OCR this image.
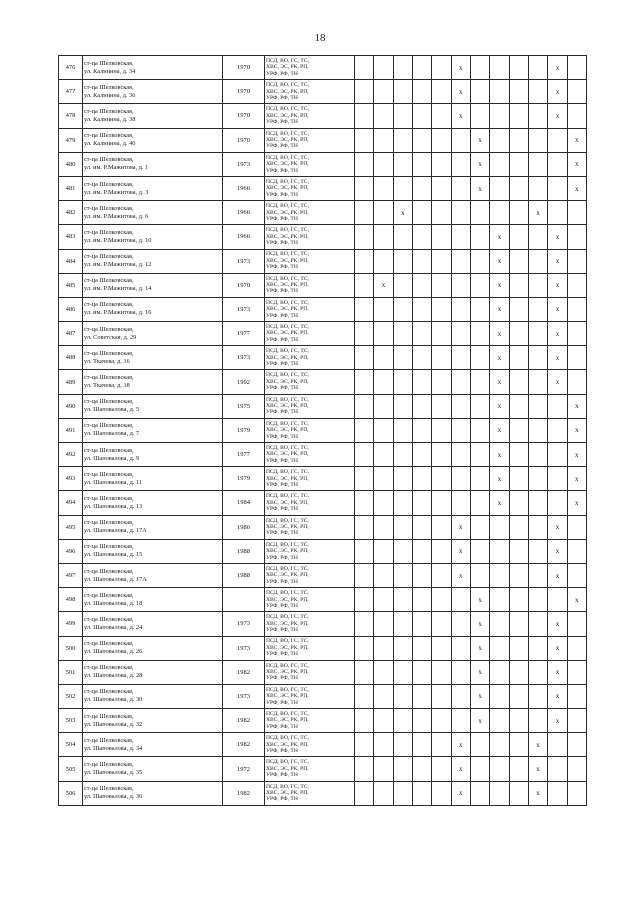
18
476	ст-ца Шелковская,
ул. Калинина, д. 34	1970	ПСД, ВО, ГС, ТС,
ХВС, ЭС, РК, РП,
УРФ, РФ, ТН						x					x	
477	ст-ца Шелковская,
ул. Калинина, д. 36	1970	ПСД, ВО, ГС, ТС,
ХВС, ЭС, РК, РП,
УРФ, РФ, ТН						x					x	
478	ст-ца Шелковская,
ул. Калинина, д. 38	1970	ПСД, ВО, ГС, ТС,
ХВС, ЭС, РК, РП,
УРФ, РФ, ТН						x					x	
479	ст-ца Шелковская,
ул. Калинина, д. 40	1970	ПСД, ВО, ГС, ТС,
ХВС, ЭС, РК, РП,
УРФ, РФ, ТН							x					x
480	ст-ца Шелковская,
ул. им. Р.Мажитова, д. 1	1973	ПСД, ВО, ГС, ТС,
ХВС, ЭС, РК, РП,
УРФ, РФ, ТН							x					x
481	ст-ца Шелковская,
ул. им. Р.Мажитова, д. 3	1966	ПСД, ВО, ГС, ТС,
ХВС, ЭС, РК, РП,
УРФ, РФ, ТН							x					x
482	ст-ца Шелковская,
ул. им. Р.Мажитова, д. 6	1966	ПСД, ВО, ГС, ТС,
ХВС, ЭС, РК, РП,
УРФ, РФ, ТН			x							x		
483	ст-ца Шелковская,
ул. им. Р.Мажитова, д. 10	1966	ПСД, ВО, ГС, ТС,
ХВС, ЭС, РК, РП,
УРФ, РФ, ТН								x			x	
484	ст-ца Шелковская,
ул. им. Р.Мажитова, д. 12	1973	ПСД, ВО, ГС, ТС,
ХВС, ЭС, РК, РП,
УРФ, РФ, ТН								x			x	
485	ст-ца Шелковская,
ул. им. Р.Мажитова, д. 14	1970	ПСД, ВО, ГС, ТС,
ХВС, ЭС, РК, РП,
УРФ, РФ, ТН		x						x			x	
486	ст-ца Шелковская,
ул. им. Р.Мажитова, д. 16	1973	ПСД, ВО, ГС, ТС,
ХВС, ЭС, РК, РП,
УРФ, РФ, ТН								x			x	
487	ст-ца Шелковская,
ул. Советская, д. 29	1977	ПСД, ВО, ГС, ТС,
ХВС, ЭС, РК, РП,
УРФ, РФ, ТН								x			x	
488	ст-ца Шелковская,
ул. Ткачева, д. 16	1973	ПСД, ВО, ГС, ТС,
ХВС, ЭС, РК, РП,
УРФ, РФ, ТН								x			x	
489	ст-ца Шелковская,
ул. Ткачева, д. 18	1992	ПСД, ВО, ГС, ТС,
ХВС, ЭС, РК, РП,
УРФ, РФ, ТН								x			x	
490	ст-ца Шелковская,
ул. Шаповалова, д. 5	1975	ПСД, ВО, ГС, ТС,
ХВС, ЭС, РК, РП,
УРФ, РФ, ТН								x				x
491	ст-ца Шелковская,
ул. Шаповалова, д. 7	1979	ПСД, ВО, ГС, ТС,
ХВС, ЭС, РК, РП,
УРФ, РФ, ТН								x				x
492	ст-ца Шелковская,
ул. Шаповалова, д. 9	1977	ПСД, ВО, ГС, ТС,
ХВС, ЭС, РК, РП,
УРФ, РФ, ТН								x				x
493	ст-ца Шелковская,
ул. Шаповалова, д. 11	1979	ПСД, ВО, ГС, ТС,
ХВС, ЭС, РК, РП,
УРФ, РФ, ТН								x				x
494	ст-ца Шелковская,
ул. Шаповалова, д. 13	1984	ПСД, ВО, ГС, ТС,
ХВС, ЭС, РК, РП,
УРФ, РФ, ТН								x				x
495	ст-ца Шелковская,
ул. Шаповалова, д. 17А	1986	ПСД, ВО, ГС, ТС,
ХВС, ЭС, РК, РП,
УРФ, РФ, ТН						x					x	
496	ст-ца Шелковская,
ул. Шаповалова, д. 15	1988	ПСД, ВО, ГС, ТС,
ХВС, ЭС, РК, РП,
УРФ, РФ, ТН						x					x	
497	ст-ца Шелковская,
ул. Шаповалова, д. 17А	1988	ПСД, ВО, ГС, ТС,
ХВС, ЭС, РК, РП,
УРФ, РФ, ТН						x					x	
498	ст-ца Шелковская,
ул. Шаповалова, д. 18		ПСД, ВО, ГС, ТС,
ХВС, ЭС, РК, РП,
УРФ, РФ, ТН							x					x
499	ст-ца Шелковская,
ул. Шаповалова, д. 24	1973	ПСД, ВО, ГС, ТС,
ХВС, ЭС, РК, РП,
УРФ, РФ, ТН							x				x	
500	ст-ца Шелковская,
ул. Шаповалова, д. 26	1973	ПСД, ВО, ГС, ТС,
ХВС, ЭС, РК, РП,
УРФ, РФ, ТН							x				x	
501	ст-ца Шелковская,
ул. Шаповалова, д. 28	1982	ПСД, ВО, ГС, ТС,
ХВС, ЭС, РК, РП,
УРФ, РФ, ТН							x				x	
502	ст-ца Шелковская,
ул. Шаповалова, д. 30	1973	ПСД, ВО, ГС, ТС,
ХВС, ЭС, РК, РП,
УРФ, РФ, ТН							x				x	
503	ст-ца Шелковская,
ул. Шаповалова, д. 32	1982	ПСД, ВО, ГС, ТС,
ХВС, ЭС, РК, РП,
УРФ, РФ, ТН							x				x	
504	ст-ца Шелковская,
ул. Шаповалова, д. 34	1982	ПСД, ВО, ГС, ТС,
ХВС, ЭС, РК, РП,
УРФ, РФ, ТН						x				x		
505	ст-ца Шелковская,
ул. Шаповалова, д. 35	1972	ПСД, ВО, ГС, ТС,
ХВС, ЭС, РК, РП,
УРФ, РФ, ТН						x				x		
506	ст-ца Шелковская,
ул. Шаповалова, д. 36	1982	ПСД, ВО, ГС, ТС,
ХВС, ЭС, РК, РП,
УРФ, РФ, ТН						x				x		
